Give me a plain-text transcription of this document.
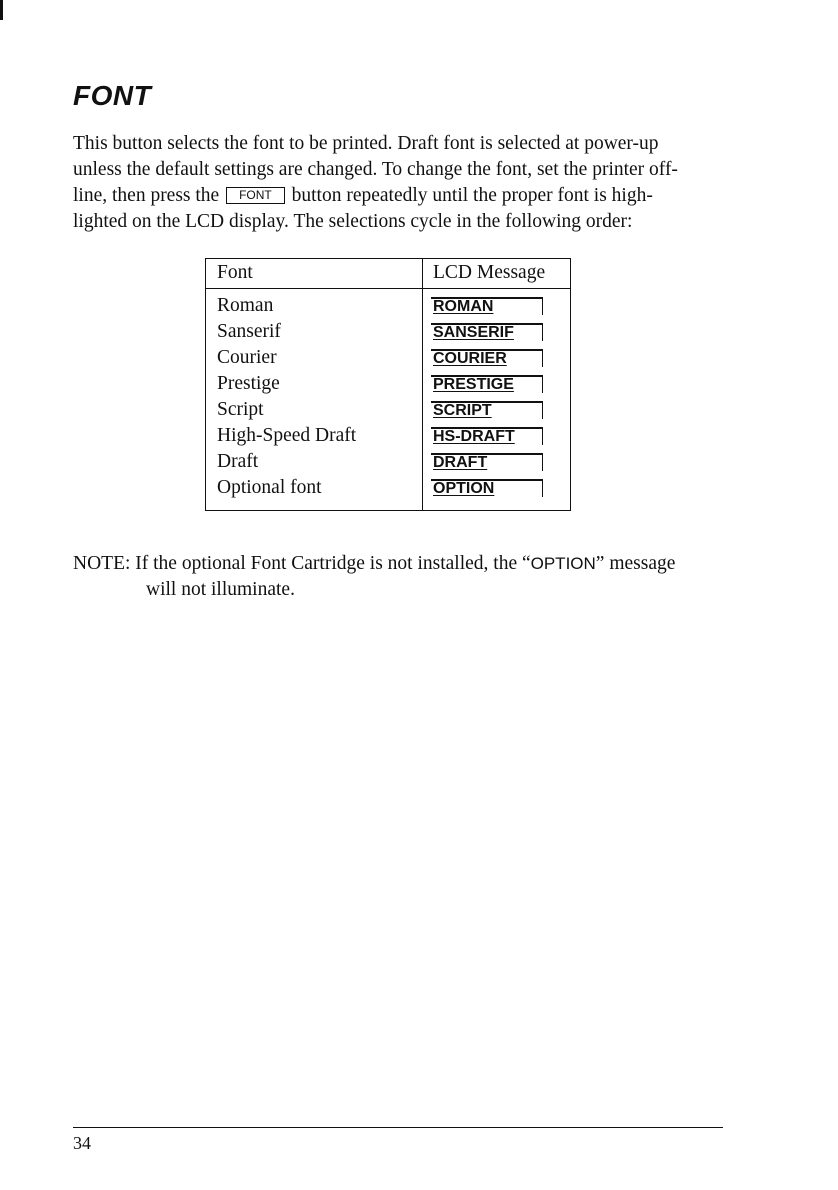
FONT

This button selects the font to be printed. Draft font is selected at power-up
unless the default settings are changed. To change the font, set the printer off-
line, then press the FONT button repeatedly until the proper font is high-
lighted on the LCD display. The selections cycle in the following order:

Font	LCD Message
Roman	ROMAN
Sanserif	SANSERIF
Courier	COURIER
Prestige	PRESTIGE
Script	SCRIPT
High-Speed Draft	HS-DRAFT
Draft	DRAFT
Optional font	OPTION
NOTE: If the optional Font Cartridge is not installed, the “OPTION” message
will not illuminate.
34
